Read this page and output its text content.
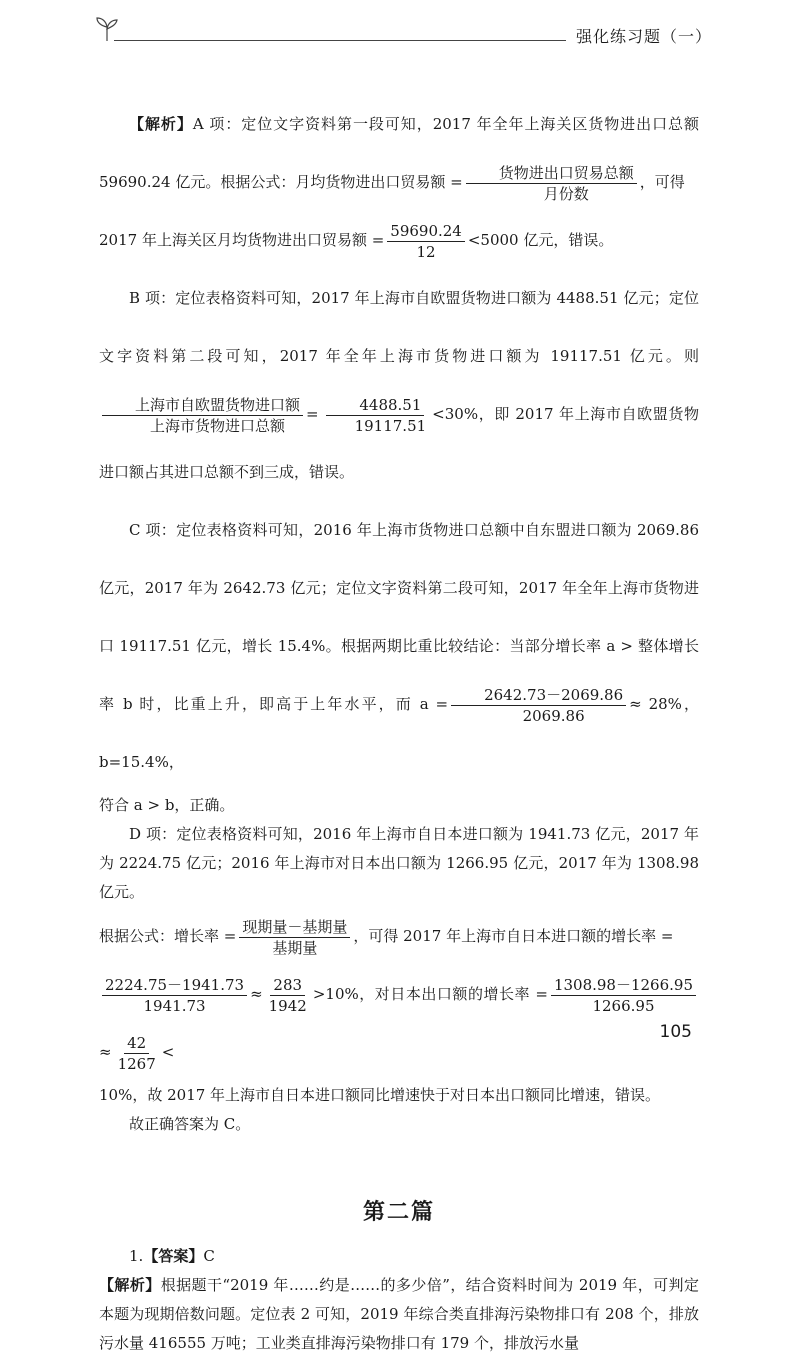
强化练习题（一）
【解析】A 项：定位文字资料第一段可知，2017 年全年上海关区货物进出口总额 59690.24 亿元。根据公式：月均货物进出口贸易额 = $\frac{\text{货物进出口贸易总额}}{\text{月份数}}$ ，可得
2017 年上海关区月均货物进出口贸易额 = $\frac{59690.24}{12} <5000$ 亿元，错误。
B 项：定位表格资料可知，2017 年上海市自欧盟货物进口额为 4488.51 亿元；定位文字资料第二段可知，2017 年全年上海市货物进口额为 19117.51 亿元。则
$\frac{\text{上海市自欧盟货物进口额}}{\text{上海市货物进口总额}} = \frac{4488.51}{19117.51} <30\%$，即 2017 年上海市自欧盟货物进口额占其进口总额不到三成，错误。
C 项：定位表格资料可知，2016 年上海市货物进口总额中自东盟进口额为 2069.86 亿元，2017 年为 2642.73 亿元；定位文字资料第二段可知，2017 年全年上海市货物进口 19117.51 亿元，增长 15.4%。根据两期比重比较结论：当部分增长率 a > 整体增长率 b 时，比重上升，即高于上年水平，而 $a = \frac{2642.73-2069.86}{2069.86} \approx 28\%$，b=15.4%，
符合 a > b，正确。
D 项：定位表格资料可知，2016 年上海市自日本进口额为 1941.73 亿元，2017 年为 2224.75 亿元；2016 年上海市对日本出口额为 1266.95 亿元，2017 年为 1308.98 亿元。
根据公式：增长率 = $\frac{\text{现期量－基期量}}{\text{基期量}}$ ，可得 2017 年上海市自日本进口额的增长率 =
$\frac{2224.75-1941.73}{1941.73} \approx \frac{283}{1942} >10\%$，对日本出口额的增长率 = $\frac{1308.98-1266.95}{1266.95}$
≈ $\frac{42}{1267}$ <
10%，故 2017 年上海市自日本进口额同比增速快于对日本出口额同比增速，错误。
故正确答案为 C。
第二篇
1.【答案】C
【解析】根据题干“2019 年……约是……的多少倍”，结合资料时间为 2019 年，可判定本题为现期倍数问题。定位表 2 可知，2019 年综合类直排海污染物排口有 208 个，排放污水量 416555 万吨；工业类直排海污染物排口有 179 个，排放污水量
105
